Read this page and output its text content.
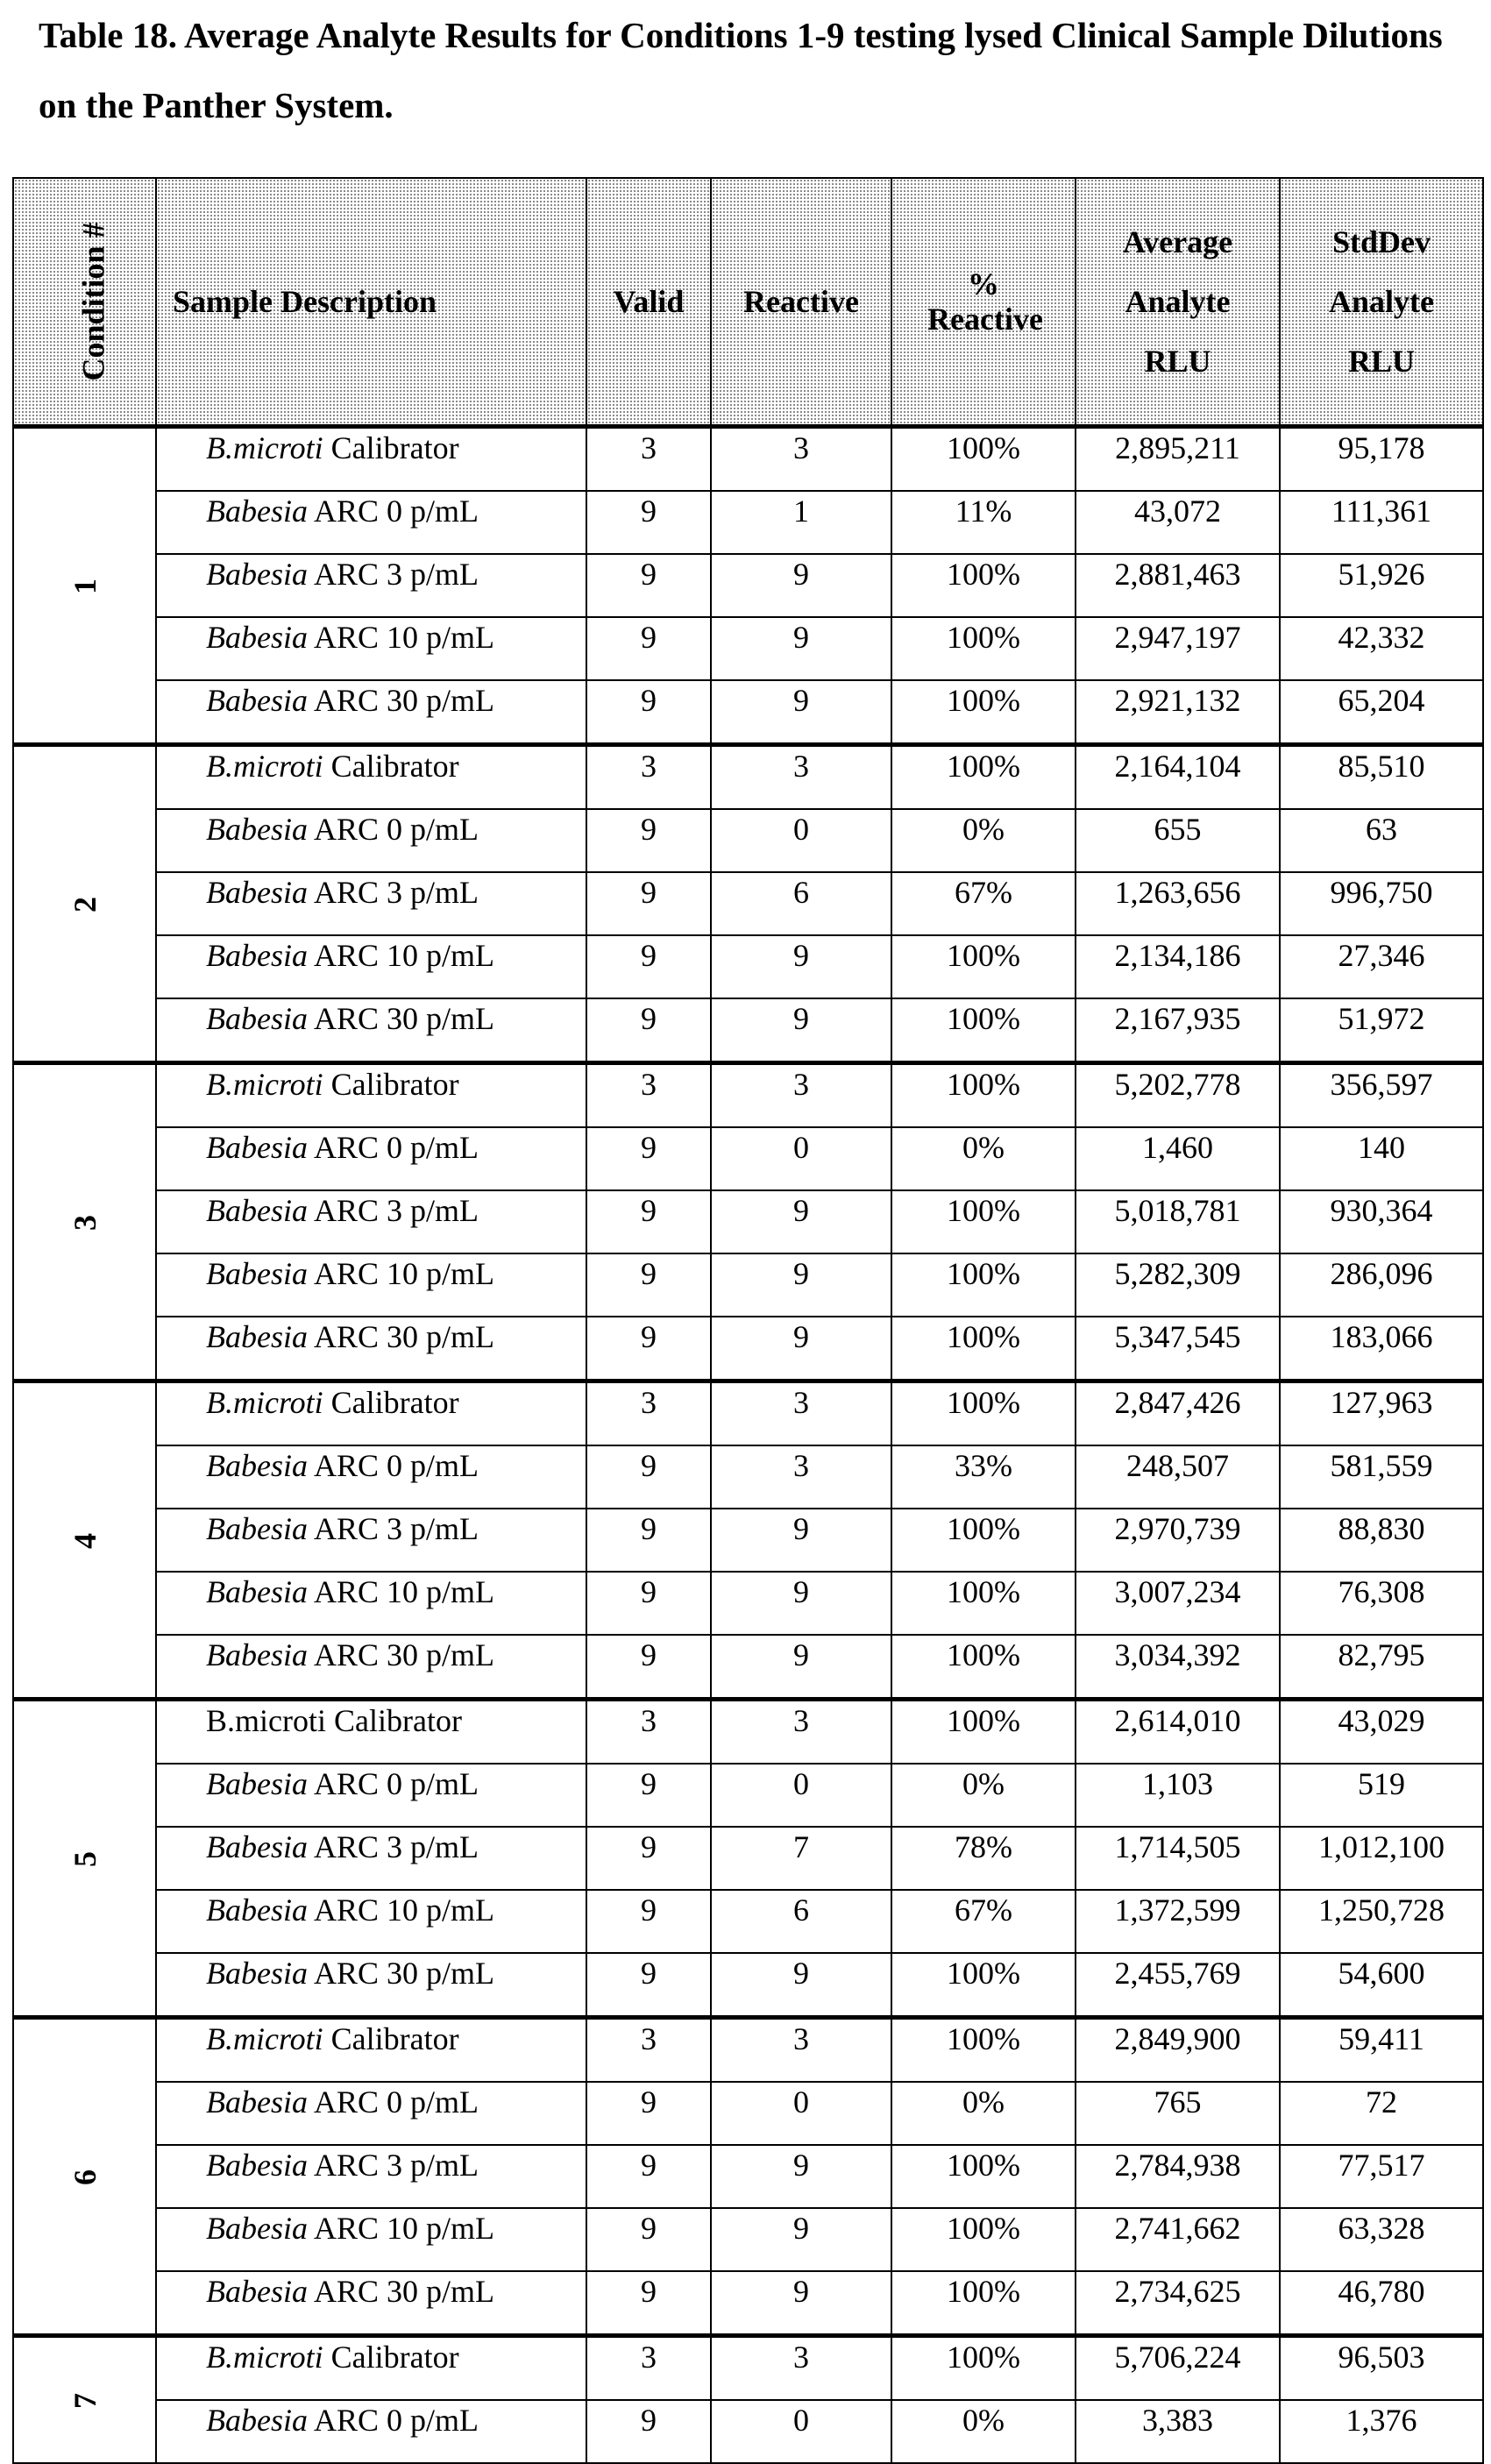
Table 18. Average Analyte Results for Conditions 1-9 testing lysed Clinical Sample Dilutions on the Panther System.
Condition #	Sample Description	Valid	Reactive	% Reactive	Average Analyte RLU	StdDev Analyte RLU
1	B.microti Calibrator	3	3	100%	2,895,211	95,178
Babesia ARC 0 p/mL	9	1	11%	43,072	111,361
Babesia ARC 3 p/mL	9	9	100%	2,881,463	51,926
Babesia ARC 10 p/mL	9	9	100%	2,947,197	42,332
Babesia ARC 30 p/mL	9	9	100%	2,921,132	65,204
2	B.microti Calibrator	3	3	100%	2,164,104	85,510
Babesia ARC 0 p/mL	9	0	0%	655	63
Babesia ARC 3 p/mL	9	6	67%	1,263,656	996,750
Babesia ARC 10 p/mL	9	9	100%	2,134,186	27,346
Babesia ARC 30 p/mL	9	9	100%	2,167,935	51,972
3	B.microti Calibrator	3	3	100%	5,202,778	356,597
Babesia ARC 0 p/mL	9	0	0%	1,460	140
Babesia ARC 3 p/mL	9	9	100%	5,018,781	930,364
Babesia ARC 10 p/mL	9	9	100%	5,282,309	286,096
Babesia ARC 30 p/mL	9	9	100%	5,347,545	183,066
4	B.microti Calibrator	3	3	100%	2,847,426	127,963
Babesia ARC 0 p/mL	9	3	33%	248,507	581,559
Babesia ARC 3 p/mL	9	9	100%	2,970,739	88,830
Babesia ARC 10 p/mL	9	9	100%	3,007,234	76,308
Babesia ARC 30 p/mL	9	9	100%	3,034,392	82,795
5	B.microti Calibrator	3	3	100%	2,614,010	43,029
Babesia ARC 0 p/mL	9	0	0%	1,103	519
Babesia ARC 3 p/mL	9	7	78%	1,714,505	1,012,100
Babesia ARC 10 p/mL	9	6	67%	1,372,599	1,250,728
Babesia ARC 30 p/mL	9	9	100%	2,455,769	54,600
6	B.microti Calibrator	3	3	100%	2,849,900	59,411
Babesia ARC 0 p/mL	9	0	0%	765	72
Babesia ARC 3 p/mL	9	9	100%	2,784,938	77,517
Babesia ARC 10 p/mL	9	9	100%	2,741,662	63,328
Babesia ARC 30 p/mL	9	9	100%	2,734,625	46,780
7	B.microti Calibrator	3	3	100%	5,706,224	96,503
Babesia ARC 0 p/mL	9	0	0%	3,383	1,376
